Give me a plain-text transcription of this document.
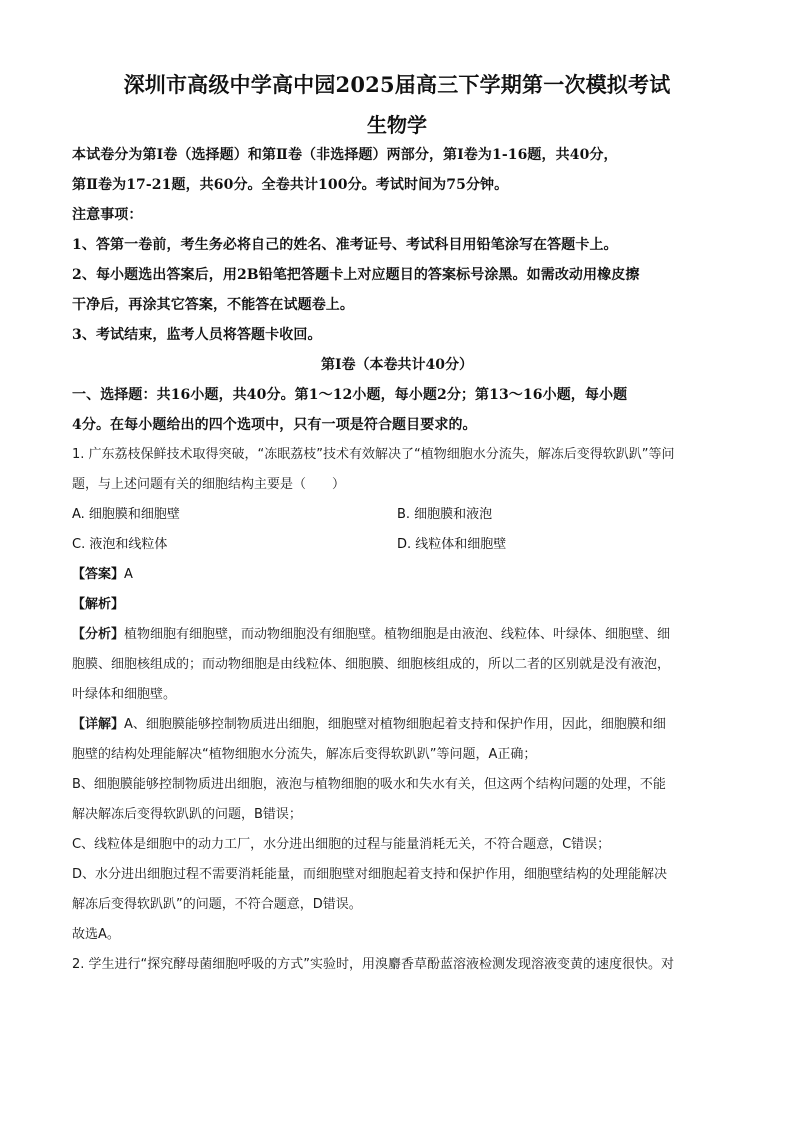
深圳市高级中学高中园2025届高三下学期第一次模拟考试
生物学

本试卷分为第Ⅰ卷（选择题）和第Ⅱ卷（非选择题）两部分，第Ⅰ卷为1-16题，共40分，

第Ⅱ卷为17-21题，共60分。全卷共计100分。考试时间为75分钟。

注意事项：

1、答第一卷前，考生务必将自己的姓名、准考证号、考试科目用铅笔涂写在答题卡上。

2、每小题选出答案后，用2B铅笔把答题卡上对应题目的答案标号涂黑。如需改动用橡皮擦

干净后，再涂其它答案，不能答在试题卷上。

3、考试结束，监考人员将答题卡收回。

第Ⅰ卷（本卷共计40分）

一、选择题：共16小题，共40分。第1～12小题，每小题2分；第13～16小题，每小题

4分。在每小题给出的四个选项中，只有一项是符合题目要求的。

1. 广东荔枝保鲜技术取得突破，“冻眠荔枝”技术有效解决了“植物细胞水分流失，解冻后变得软趴趴”等问

题，与上述问题有关的细胞结构主要是（　　）

A. 细胞膜和细胞壁	B. 细胞膜和液泡
C. 液泡和线粒体	D. 线粒体和细胞壁

【答案】A

【解析】

【分析】植物细胞有细胞壁，而动物细胞没有细胞壁。植物细胞是由液泡、线粒体、叶绿体、细胞壁、细

胞膜、细胞核组成的；而动物细胞是由线粒体、细胞膜、细胞核组成的，所以二者的区别就是没有液泡，

叶绿体和细胞壁。

【详解】A、细胞膜能够控制物质进出细胞，细胞壁对植物细胞起着支持和保护作用，因此，细胞膜和细

胞壁的结构处理能解决“植物细胞水分流失，解冻后变得软趴趴”等问题，A正确；

B、细胞膜能够控制物质进出细胞，液泡与植物细胞的吸水和失水有关，但这两个结构问题的处理，不能

解决解冻后变得软趴趴的问题，B错误；

C、线粒体是细胞中的动力工厂，水分进出细胞的过程与能量消耗无关，不符合题意，C错误；

D、水分进出细胞过程不需要消耗能量，而细胞壁对细胞起着支持和保护作用，细胞壁结构的处理能解决

解冻后变得软趴趴”的问题，不符合题意，D错误。

故选A。

2. 学生进行“探究酵母菌细胞呼吸的方式”实验时，用溴麝香草酚蓝溶液检测发现溶液变黄的速度很快。对
